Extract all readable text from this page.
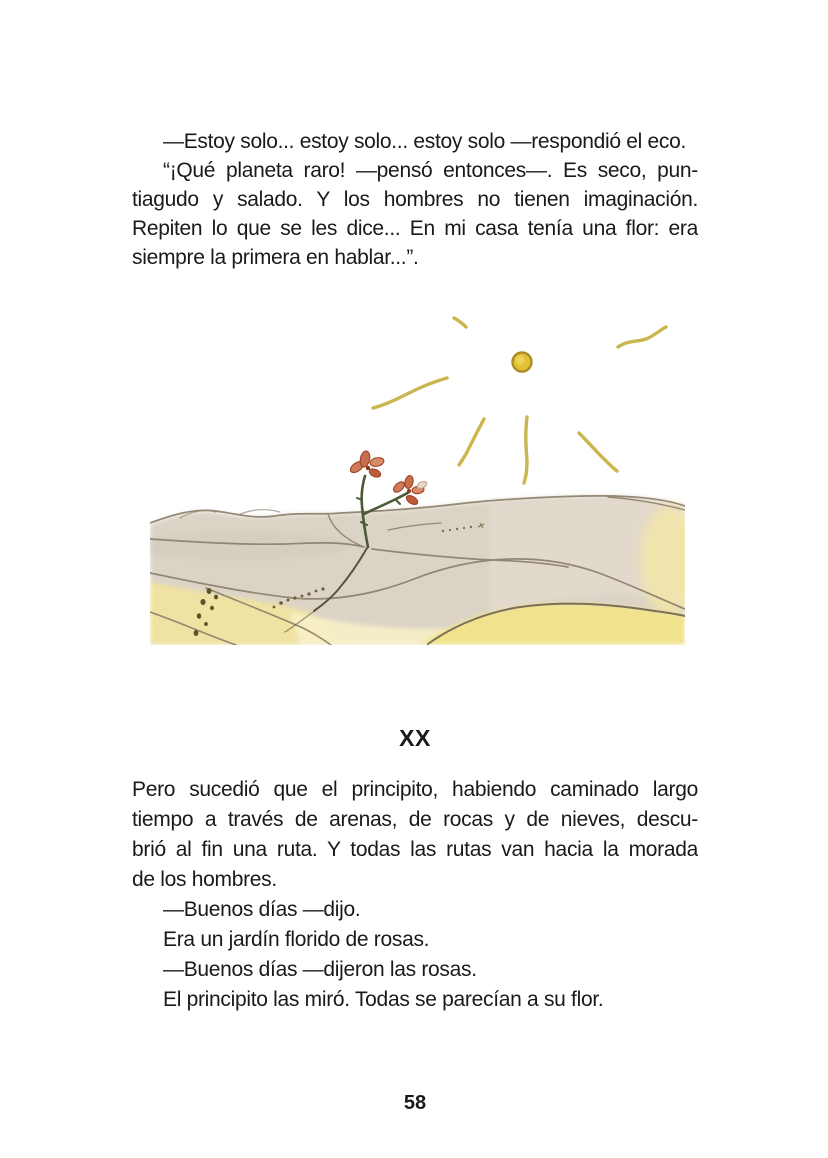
—Estoy solo... estoy solo... estoy solo —respondió el eco.
“¡Qué planeta raro! —pensó entonces—. Es seco, pun-
tiagudo y salado. Y los hombres no tienen imaginación.
Repiten lo que se les dice... En mi casa tenía una flor: era
siempre la primera en hablar...”.
XX
Pero sucedió que el principito, habiendo caminado largo
tiempo a través de arenas, de rocas y de nieves, descu-
brió al fin una ruta. Y todas las rutas van hacia la morada
de los hombres.
—Buenos días —dijo.
Era un jardín florido de rosas.
—Buenos días —dijeron las rosas.
El principito las miró. Todas se parecían a su flor.
58
